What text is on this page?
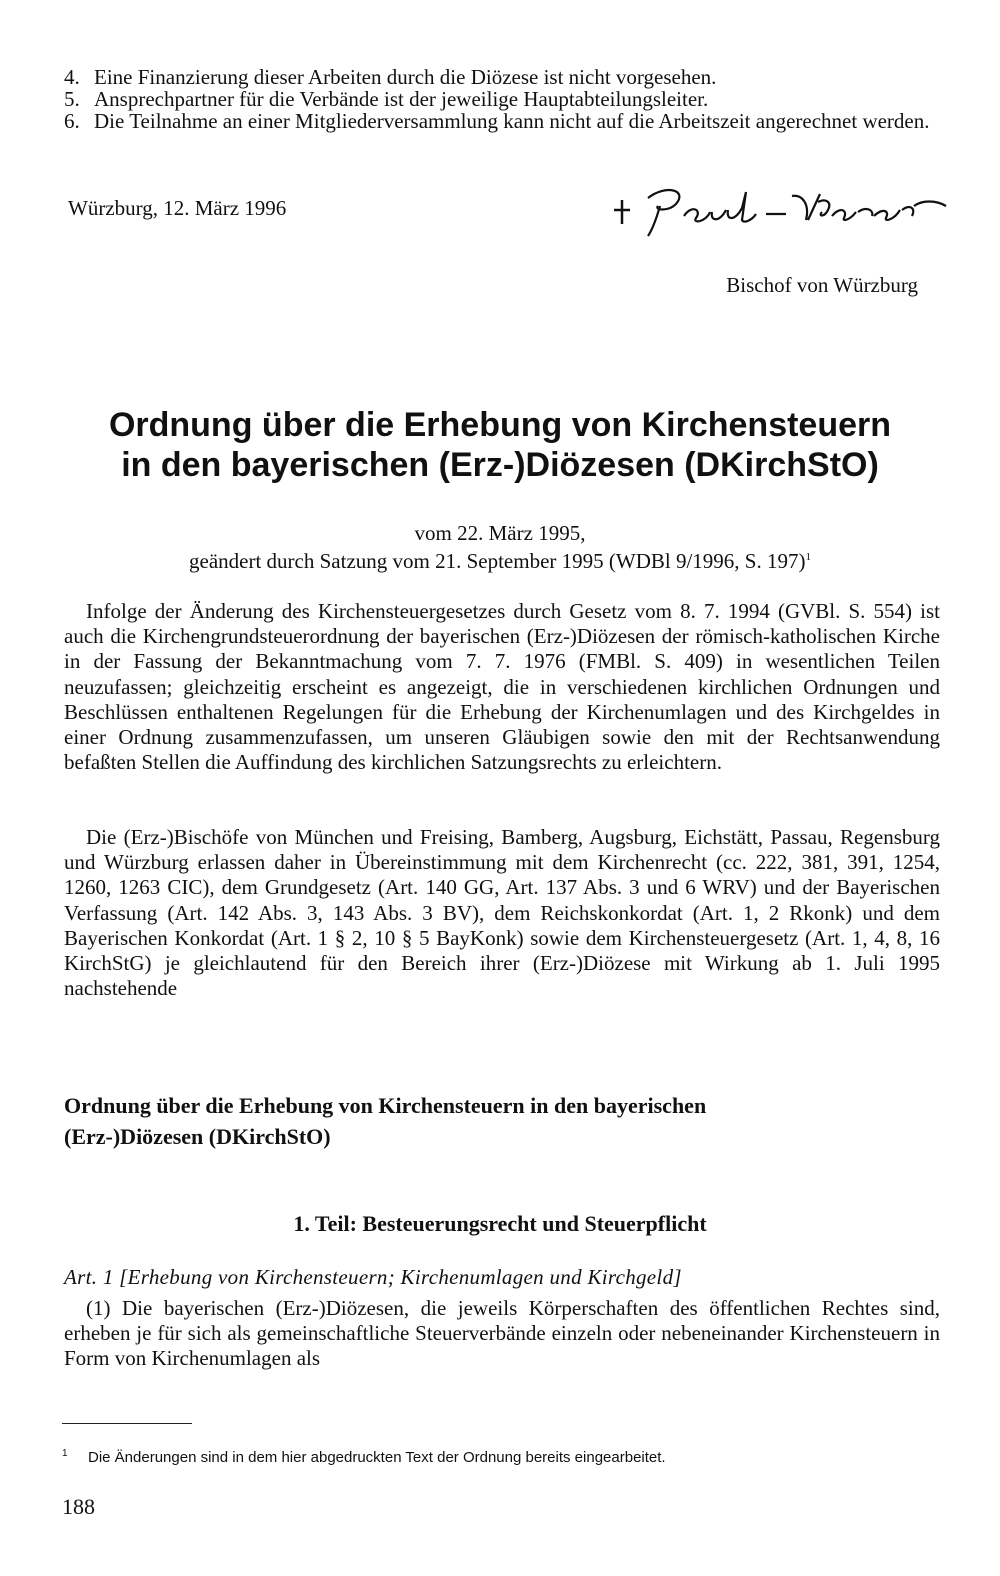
4. Eine Finanzierung dieser Arbeiten durch die Diözese ist nicht vorgesehen.
5. Ansprechpartner für die Verbände ist der jeweilige Hauptabteilungsleiter.
6. Die Teilnahme an einer Mitgliederversammlung kann nicht auf die Arbeitszeit angerechnet werden.
Würzburg, 12. März 1996
Bischof von Würzburg
Ordnung über die Erhebung von Kirchensteuern
in den bayerischen (Erz-)Diözesen (DKirchStO)
vom 22. März 1995,
geändert durch Satzung vom 21. September 1995 (WDBl 9/1996, S. 197)$^1$

Infolge der Änderung des Kirchensteuergesetzes durch Gesetz vom 8. 7. 1994 (GVBl. S. 554) ist auch die Kirchengrundsteuerordnung der bayerischen (Erz-)Diözesen der römisch-katholischen Kirche in der Fassung der Bekanntmachung vom 7. 7. 1976 (FMBl. S. 409) in wesentlichen Teilen neuzufassen; gleichzeitig erscheint es angezeigt, die in verschiedenen kirchlichen Ordnungen und Beschlüssen enthaltenen Regelungen für die Erhebung der Kirchenumlagen und des Kirchgeldes in einer Ordnung zusammenzufassen, um unseren Gläubigen sowie den mit der Rechtsanwendung befaßten Stellen die Auffindung des kirchlichen Satzungsrechts zu erleichtern.

Die (Erz-)Bischöfe von München und Freising, Bamberg, Augsburg, Eichstätt, Passau, Regensburg und Würzburg erlassen daher in Übereinstimmung mit dem Kirchenrecht (cc. 222, 381, 391, 1254, 1260, 1263 CIC), dem Grundgesetz (Art. 140 GG, Art. 137 Abs. 3 und 6 WRV) und der Bayerischen Verfassung (Art. 142 Abs. 3, 143 Abs. 3 BV), dem Reichskonkordat (Art. 1, 2 Rkonk) und dem Bayerischen Konkordat (Art. 1 § 2, 10 § 5 BayKonk) sowie dem Kirchensteuergesetz (Art. 1, 4, 8, 16 KirchStG) je gleichlautend für den Bereich ihrer (Erz-)Diözese mit Wirkung ab 1. Juli 1995 nachstehende

Ordnung über die Erhebung von Kirchensteuern in den bayerischen
(Erz-)Diözesen (DKirchStO)
1. Teil: Besteuerungsrecht und Steuerpflicht
Art. 1 [Erhebung von Kirchensteuern; Kirchenumlagen und Kirchgeld]

(1) Die bayerischen (Erz-)Diözesen, die jeweils Körperschaften des öffentlichen Rechtes sind, erheben je für sich als gemeinschaftliche Steuerverbände einzeln oder nebeneinander Kirchensteuern in Form von Kirchenumlagen als

1 Die Änderungen sind in dem hier abgedruckten Text der Ordnung bereits eingearbeitet.
188
